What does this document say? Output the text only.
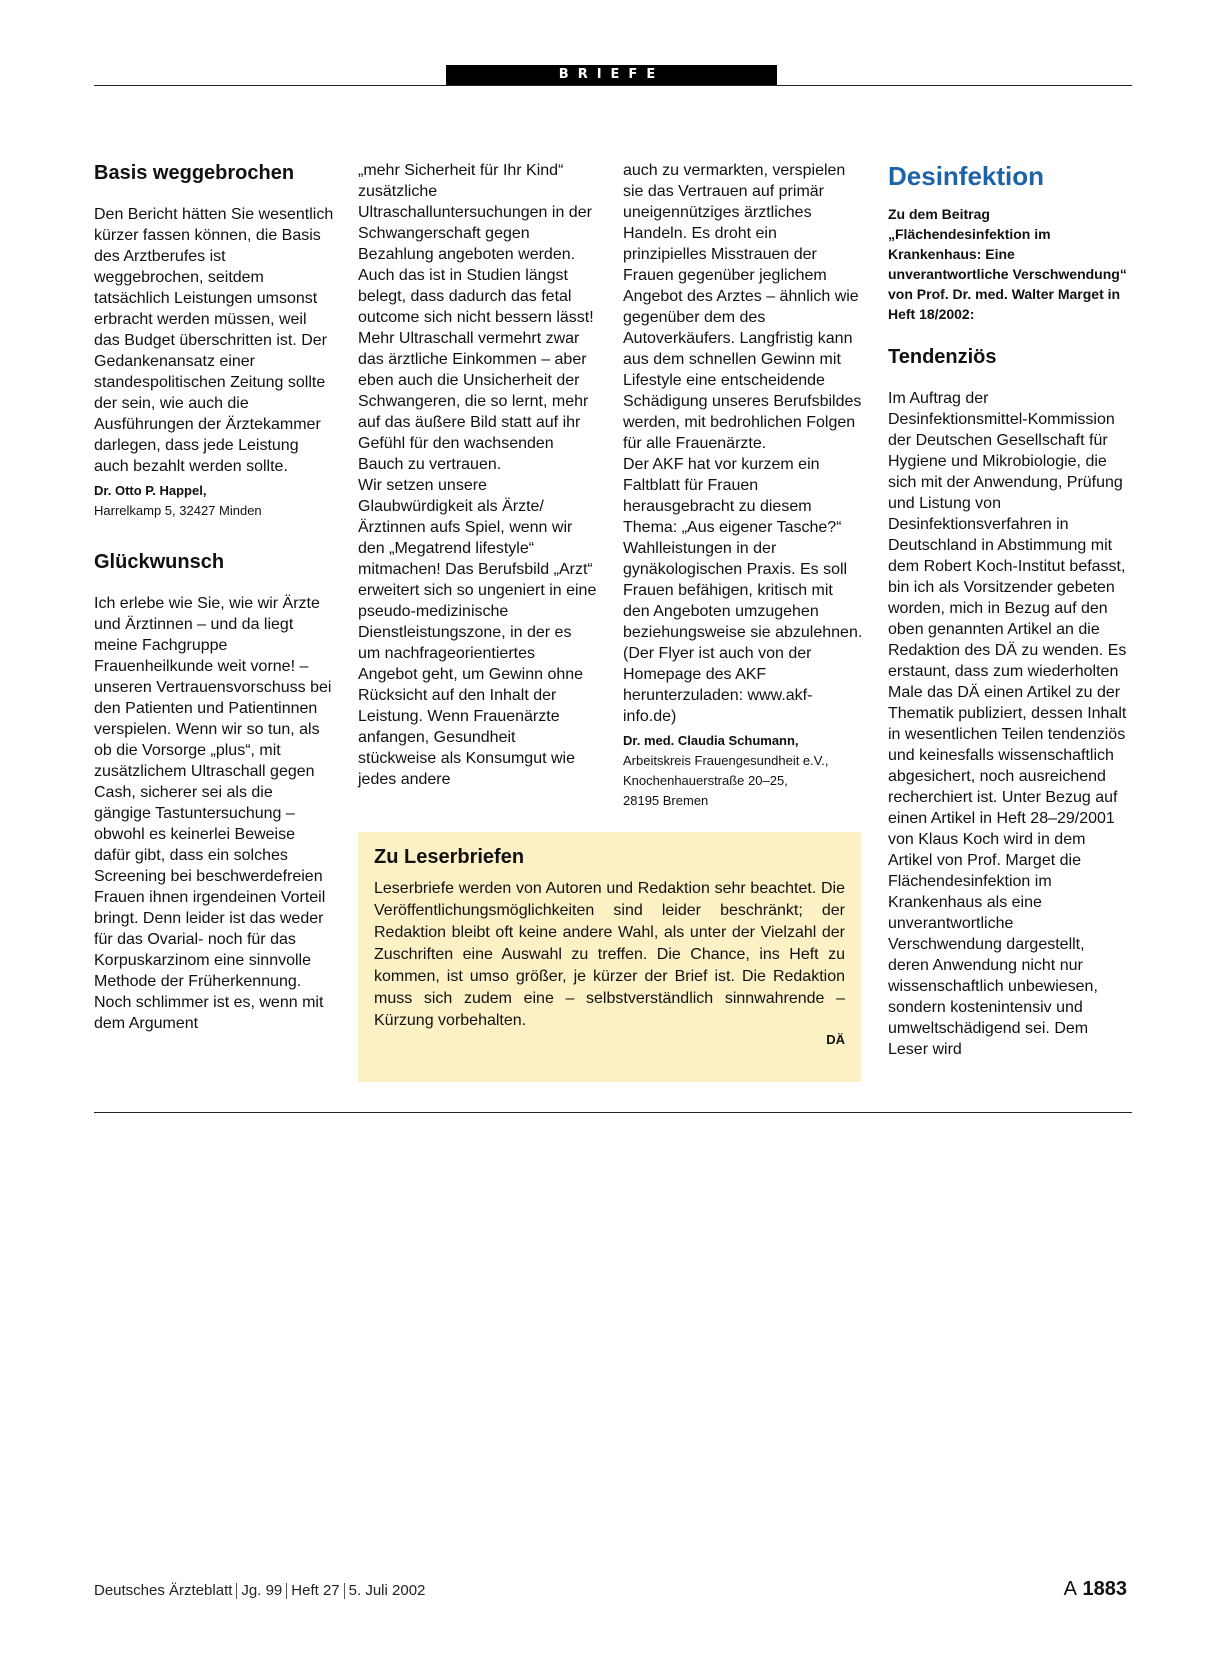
BRIEFE
Basis weggebrochen

Den Bericht hätten Sie wesentlich kürzer fassen können, die Basis des Arztberufes ist weggebrochen, seitdem tatsächlich Leistungen umsonst erbracht werden müssen, weil das Budget überschritten ist. Der Gedankenansatz einer standespolitischen Zeitung sollte der sein, wie auch die Ausführungen der Ärztekammer darlegen, dass jede Leistung auch bezahlt werden sollte.

Dr. Otto P. Happel,

Harrelkamp 5, 32427 Minden

Glückwunsch

Ich erlebe wie Sie, wie wir Ärzte und Ärztinnen – und da liegt meine Fachgruppe Frauenheilkunde weit vorne! – unseren Vertrauensvorschuss bei den Patienten und Patientinnen verspielen. Wenn wir so tun, als ob die Vorsorge „plus“, mit zusätzlichem Ultraschall gegen Cash, sicherer sei als die gängige Tastuntersuchung – obwohl es keinerlei Beweise dafür gibt, dass ein solches Screening bei beschwerdefreien Frauen ihnen irgendeinen Vorteil bringt. Denn leider ist das weder für das Ovarial- noch für das Korpuskarzinom eine sinnvolle Methode der Früherkennung. Noch schlimmer ist es, wenn mit dem Argument

„mehr Sicherheit für Ihr Kind“ zusätzliche Ultraschalluntersuchungen in der Schwangerschaft gegen Bezahlung angeboten werden. Auch das ist in Studien längst belegt, dass dadurch das fetal outcome sich nicht bessern lässt! Mehr Ultraschall vermehrt zwar das ärztliche Einkommen – aber eben auch die Unsicherheit der Schwangeren, die so lernt, mehr auf das äußere Bild statt auf ihr Gefühl für den wachsenden Bauch zu vertrauen.
Wir setzen unsere Glaubwürdigkeit als Ärzte/Ärztinnen aufs Spiel, wenn wir den „Megatrend lifestyle“ mitmachen! Das Berufsbild „Arzt“ erweitert sich so ungeniert in eine pseudo-medizinische Dienstleistungszone, in der es um nachfrageorientiertes Angebot geht, um Gewinn ohne Rücksicht auf den Inhalt der Leistung. Wenn Frauenärzte anfangen, Gesundheit stückweise als Konsumgut wie jedes andere

auch zu vermarkten, verspielen sie das Vertrauen auf primär uneigennütziges ärztliches Handeln. Es droht ein prinzipielles Misstrauen der Frauen gegenüber jeglichem Angebot des Arztes – ähnlich wie gegenüber dem des Autoverkäufers. Langfristig kann aus dem schnellen Gewinn mit Lifestyle eine entscheidende Schädigung unseres Berufsbildes werden, mit bedrohlichen Folgen für alle Frauenärzte.
Der AKF hat vor kurzem ein Faltblatt für Frauen herausgebracht zu diesem Thema: „Aus eigener Tasche?“ Wahlleistungen in der gynäkologischen Praxis. Es soll Frauen befähigen, kritisch mit den Angeboten umzugehen beziehungsweise sie abzulehnen. (Der Flyer ist auch von der Homepage des AKF herunterzuladen: www.akf-info.de)

Dr. med. Claudia Schumann,

Arbeitskreis Frauengesundheit e.V.,
Knochenhauerstraße 20–25,
28195 Bremen

Desinfektion

Zu dem Beitrag „Flächendesinfektion im Krankenhaus: Eine unverantwortliche Verschwendung“ von Prof. Dr. med. Walter Marget in Heft 18/2002:

Tendenziös

Im Auftrag der Desinfektionsmittel-Kommission der Deutschen Gesellschaft für Hygiene und Mikrobiologie, die sich mit der Anwendung, Prüfung und Listung von Desinfektionsverfahren in Deutschland in Abstimmung mit dem Robert Koch-Institut befasst, bin ich als Vorsitzender gebeten worden, mich in Bezug auf den oben genannten Artikel an die Redaktion des DÄ zu wenden. Es erstaunt, dass zum wiederholten Male das DÄ einen Artikel zu der Thematik publiziert, dessen Inhalt in wesentlichen Teilen tendenziös und keinesfalls wissenschaftlich abgesichert, noch ausreichend recherchiert ist. Unter Bezug auf einen Artikel in Heft 28–29/2001 von Klaus Koch wird in dem Artikel von Prof. Marget die Flächendesinfektion im Krankenhaus als eine unverantwortliche Verschwendung dargestellt, deren Anwendung nicht nur wissenschaftlich unbewiesen, sondern kostenintensiv und umweltschädigend sei. Dem Leser wird

Zu Leserbriefen

Leserbriefe werden von Autoren und Redaktion sehr beachtet. Die Veröffentlichungsmöglichkeiten sind leider beschränkt; der Redaktion bleibt oft keine andere Wahl, als unter der Vielzahl der Zuschriften eine Auswahl zu treffen. Die Chance, ins Heft zu kommen, ist umso größer, je kürzer der Brief ist. Die Redaktion muss sich zudem eine – selbstverständlich sinnwahrende – Kürzung vorbehalten.

DÄ

Deutsches Ärzteblatt Jg. 99 Heft 27 5. Juli 2002	A 1883
